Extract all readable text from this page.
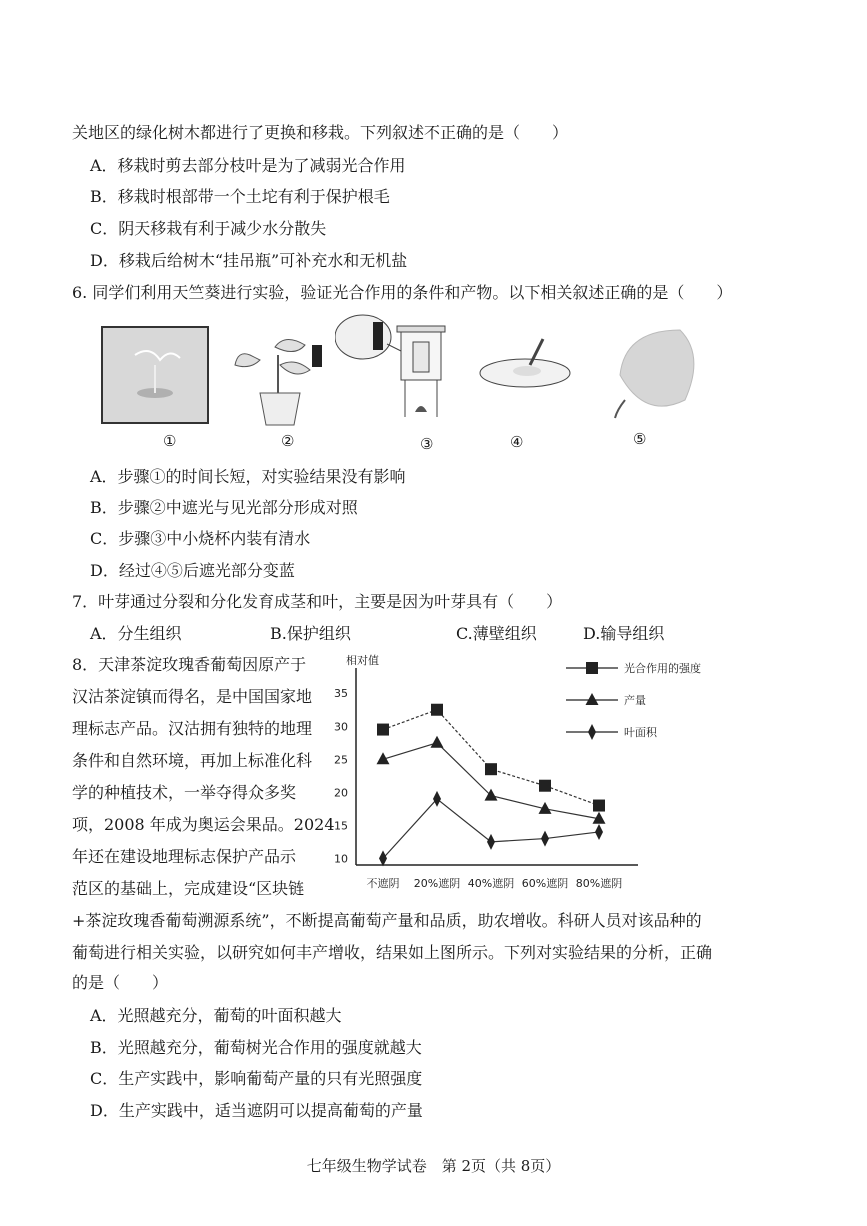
关地区的绿化树木都进行了更换和移栽。下列叙述不正确的是（　　）
A．移栽时剪去部分枝叶是为了减弱光合作用
B．移栽时根部带一个土坨有利于保护根毛
C．阴天移栽有利于减少水分散失
D．移栽后给树木“挂吊瓶”可补充水和无机盐
6. 同学们利用天竺葵进行实验，验证光合作用的条件和产物。以下相关叙述正确的是（　　）
①	②	③	④	⑤
A．步骤①的时间长短，对实验结果没有影响
B．步骤②中遮光与见光部分形成对照
C．步骤③中小烧杯内装有清水
D．经过④⑤后遮光部分变蓝
7．叶芽通过分裂和分化发育成茎和叶，主要是因为叶芽具有（　　）
A．分生组织	B.保护组织	C.薄壁组织	D.输导组织
8．天津茶淀玫瑰香葡萄因原产于
汉沽茶淀镇而得名，是中国国家地
理标志产品。汉沽拥有独特的地理
条件和自然环境，再加上标准化科
学的种植技术，一举夺得众多奖
项，2008 年成为奥运会果品。2024
年还在建设地理标志保护产品示
范区的基础上，完成建设“区块链
相对值
10
15
20
25
30
35
不遮阴 20%遮阴 40%遮阴 60%遮阴 80%遮阴
光合作用的强度
产量
叶面积
+茶淀玫瑰香葡萄溯源系统”，不断提高葡萄产量和品质，助农增收。科研人员对该品种的
葡萄进行相关实验，以研究如何丰产增收，结果如上图所示。下列对实验结果的分析，正确
的是（　　）
A．光照越充分，葡萄的叶面积越大
B．光照越充分，葡萄树光合作用的强度就越大
C．生产实践中，影响葡萄产量的只有光照强度
D．生产实践中，适当遮阴可以提高葡萄的产量
七年级生物学试卷　第 2页（共 8页）
